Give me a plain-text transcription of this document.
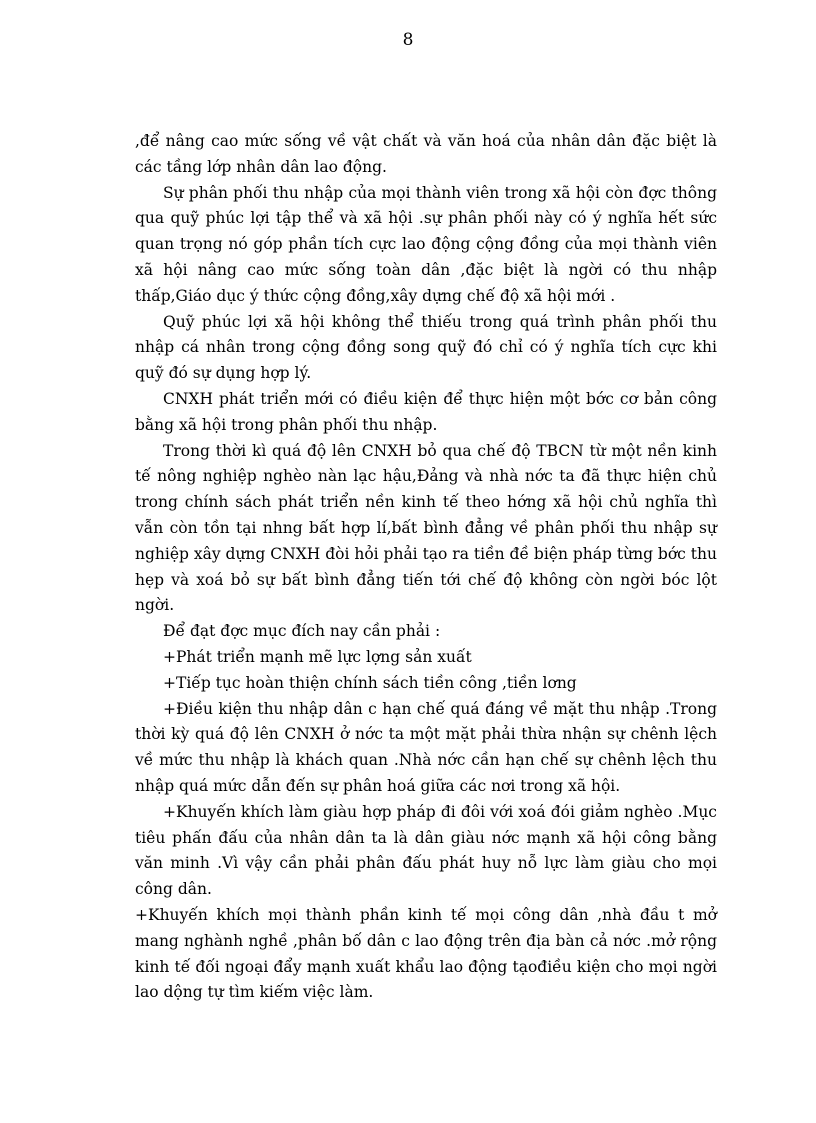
8

,để nâng cao mức sống về vật chất và văn hoá của nhân dân đặc biệt là các tầng lớp nhân dân lao động.

Sự phân phối thu nhập của mọi thành viên trong xã hội còn đợc thông qua quỹ phúc lợi tập thể và xã hội .sự phân phối này có ý nghĩa hết sức quan trọng nó góp phần tích cực lao động cộng đồng của mọi thành viên xã hội nâng cao mức sống toàn dân ,đặc biệt là ngời có thu nhập thấp,Giáo dục ý thức cộng đồng,xây dựng chế độ xã hội mới .

Quỹ phúc lợi xã hội không thể thiếu trong quá trình phân phối thu nhập cá nhân trong cộng đồng song quỹ đó chỉ có ý nghĩa tích cực khi quỹ đó sự dụng hợp lý.

CNXH phát triển mới có điều kiện để thực hiện một bớc cơ bản công bằng xã hội trong phân phối thu nhập.

Trong thời kì quá độ lên CNXH bỏ qua chế độ TBCN từ một nền kinh tế nông nghiệp nghèo nàn lạc hậu,Đảng và nhà nớc ta đã thực hiện chủ trong chính sách phát triển nền kinh tế theo hớng xã hội chủ nghĩa thì vẫn còn tồn tại nhng bất hợp lí,bất bình đẳng về phân phối thu nhập sự nghiệp xây dựng CNXH đòi hỏi phải tạo ra tiền đề biện pháp từng bớc thu hẹp và xoá bỏ sự bất bình đẳng tiến tới chế độ không còn ngời bóc lột ngời.

Để đạt đợc mục đích nay cần phải :

+Phát triển mạnh mẽ lực lợng sản xuất

+Tiếp tục hoàn thiện chính sách tiền công ,tiền lơng

+Điều kiện thu nhập dân c hạn chế quá đáng về mặt thu nhập .Trong thời kỳ quá độ lên CNXH ở nớc ta một mặt phải thừa nhận sự chênh lệch về mức thu nhập là khách quan .Nhà nớc cần hạn chế sự chênh lệch thu nhập quá mức dẫn đến sự phân hoá giữa các nơi trong xã hội.

+Khuyến khích làm giàu hợp pháp đi đôi với xoá đói giảm nghèo .Mục tiêu phấn đấu của nhân dân ta là dân giàu nớc mạnh xã hội công bằng văn minh .Vì vậy cần phải phân đấu phát huy nỗ lực làm giàu cho mọi công dân.

+Khuyến khích mọi thành phần kinh tế mọi công dân ,nhà đầu t mở mang nghành nghề ,phân bố dân c lao động trên địa bàn cả nớc .mở rộng kinh tế đối ngoại đẩy mạnh xuất khẩu lao động tạođiều kiện cho mọi ngời lao dộng tự tìm kiếm việc làm.
